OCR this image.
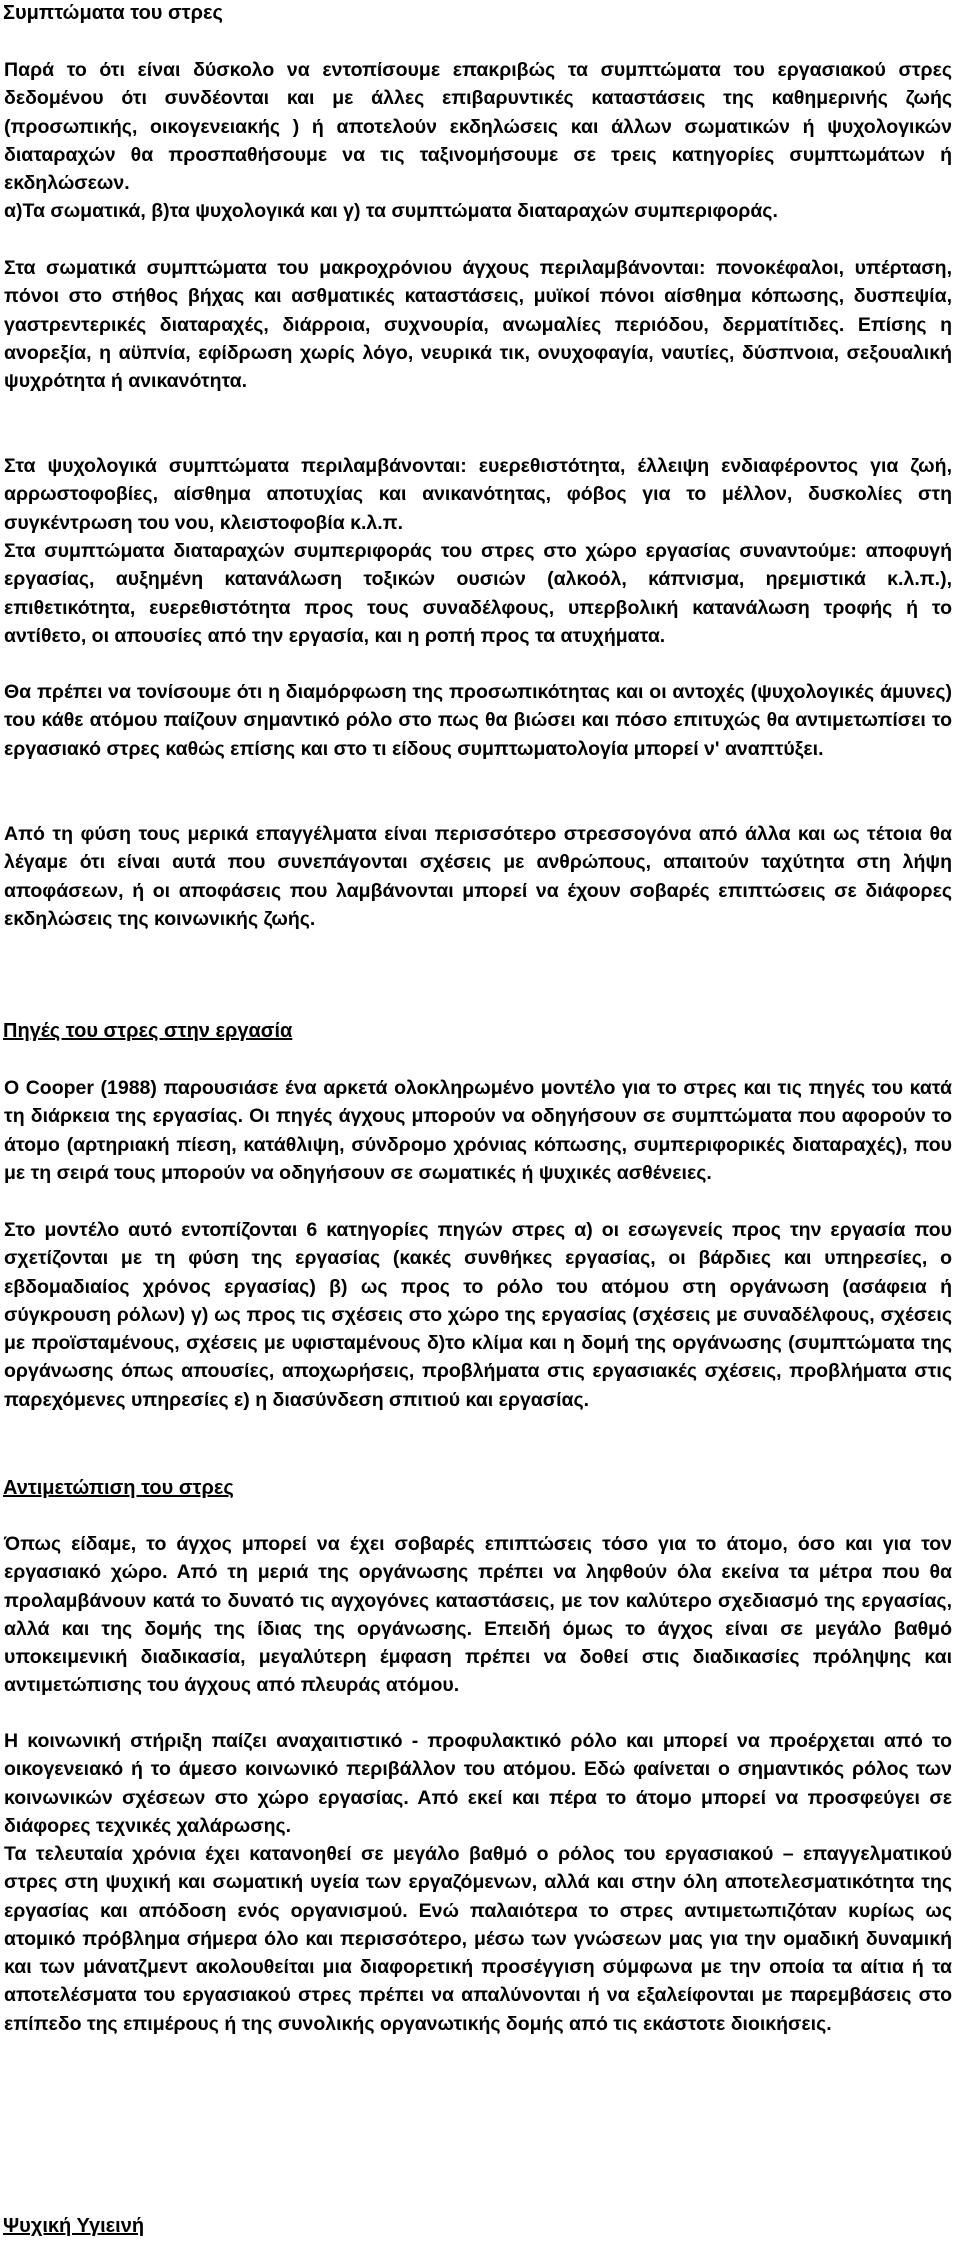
Συμπτώματα του στρες

Παρά το ότι είναι δύσκολο να εντοπίσουμε επακριβώς τα συμπτώματα του εργασιακού στρες δεδομένου ότι συνδέονται και με άλλες επιβαρυντικές καταστάσεις της καθημερινής ζωής (προσωπικής, οικογενειακής ) ή αποτελούν εκδηλώσεις και άλλων σωματικών ή ψυχολογικών διαταραχών θα προσπαθήσουμε να τις ταξινομήσουμε σε τρεις κατηγορίες συμπτωμάτων ή εκδηλώσεων.

α)Τα σωματικά, β)τα ψυχολογικά και γ) τα συμπτώματα διαταραχών συμπεριφοράς.

Στα σωματικά συμπτώματα του μακροχρόνιου άγχους περιλαμβάνονται: πονοκέφαλοι, υπέρταση, πόνοι στο στήθος βήχας και ασθματικές καταστάσεις, μυϊκοί πόνοι αίσθημα κόπωσης, δυσπεψία, γαστρεντερικές διαταραχές, διάρροια, συχνουρία, ανωμαλίες περιόδου, δερματίτιδες. Επίσης η ανορεξία, η αϋπνία, εφίδρωση χωρίς λόγο, νευρικά τικ, ονυχοφαγία, ναυτίες, δύσπνοια, σεξουαλική ψυχρότητα ή ανικανότητα.

Στα ψυχολογικά συμπτώματα περιλαμβάνονται: ευερεθιστότητα, έλλειψη ενδιαφέροντος για ζωή, αρρωστοφοβίες, αίσθημα αποτυχίας και ανικανότητας, φόβος για το μέλλον, δυσκολίες στη συγκέντρωση του νου, κλειστοφοβία κ.λ.π.

Στα συμπτώματα διαταραχών συμπεριφοράς του στρες στο χώρο εργασίας συναντούμε: αποφυγή εργασίας, αυξημένη κατανάλωση τοξικών ουσιών (αλκοόλ, κάπνισμα, ηρεμιστικά κ.λ.π.), επιθετικότητα, ευερεθιστότητα προς τους συναδέλφους, υπερβολική κατανάλωση τροφής ή το αντίθετο, οι απουσίες από την εργασία, και η ροπή προς τα ατυχήματα.

Θα πρέπει να τονίσουμε ότι η διαμόρφωση της προσωπικότητας και οι αντοχές (ψυχολογικές άμυνες) του κάθε ατόμου παίζουν σημαντικό ρόλο στο πως θα βιώσει και πόσο επιτυχώς θα αντιμετωπίσει το εργασιακό στρες καθώς επίσης και στο τι είδους συμπτωματολογία μπορεί ν' αναπτύξει.

Από τη φύση τους μερικά επαγγέλματα είναι περισσότερο στρεσσογόνα από άλλα και ως τέτοια θα λέγαμε ότι είναι αυτά που συνεπάγονται σχέσεις με ανθρώπους, απαιτούν ταχύτητα στη λήψη αποφάσεων, ή οι αποφάσεις που λαμβάνονται μπορεί να έχουν σοβαρές επιπτώσεις σε διάφορες εκδηλώσεις της κοινωνικής ζωής.

Πηγές του στρες στην εργασία

Ο Cooper (1988) παρουσιάσε ένα αρκετά ολοκληρωμένο μοντέλο για το στρες και τις πηγές του κατά τη διάρκεια της εργασίας. Οι πηγές άγχους μπορούν να οδηγήσουν σε συμπτώματα που αφορούν το άτομο (αρτηριακή πίεση, κατάθλιψη, σύνδρομο χρόνιας κόπωσης, συμπεριφορικές διαταραχές), που με τη σειρά τους μπορούν να οδηγήσουν σε σωματικές ή ψυχικές ασθένειες.

Στο μοντέλο αυτό εντοπίζονται 6 κατηγορίες πηγών στρες α) οι εσωγενείς προς την εργασία που σχετίζονται με τη φύση της εργασίας (κακές συνθήκες εργασίας, οι βάρδιες και υπηρεσίες, ο εβδομαδιαίος χρόνος εργασίας) β) ως προς το ρόλο του ατόμου στη οργάνωση (ασάφεια ή σύγκρουση ρόλων) γ) ως προς τις σχέσεις στο χώρο της εργασίας (σχέσεις με συναδέλφους, σχέσεις με προϊσταμένους, σχέσεις με υφισταμένους δ)το κλίμα και η δομή της οργάνωσης (συμπτώματα της οργάνωσης όπως απουσίες, αποχωρήσεις, προβλήματα στις εργασιακές σχέσεις, προβλήματα στις παρεχόμενες υπηρεσίες ε) η διασύνδεση σπιτιού και εργασίας.

Αντιμετώπιση του στρες

Όπως είδαμε, το άγχος μπορεί να έχει σοβαρές επιπτώσεις τόσο για το άτομο, όσο και για τον εργασιακό χώρο. Από τη μεριά της οργάνωσης πρέπει να ληφθούν όλα εκείνα τα μέτρα που θα προλαμβάνουν κατά το δυνατό τις αγχογόνες καταστάσεις, με τον καλύτερο σχεδιασμό της εργασίας, αλλά και της δομής της ίδιας της οργάνωσης. Επειδή όμως το άγχος είναι σε μεγάλο βαθμό υποκειμενική διαδικασία, μεγαλύτερη έμφαση πρέπει να δοθεί στις διαδικασίες πρόληψης και αντιμετώπισης του άγχους από πλευράς ατόμου.

Η κοινωνική στήριξη παίζει αναχαιτιστικό - προφυλακτικό ρόλο και μπορεί να προέρχεται από το οικογενειακό ή το άμεσο κοινωνικό περιβάλλον του ατόμου. Εδώ φαίνεται ο σημαντικός ρόλος των κοινωνικών σχέσεων στο χώρο εργασίας. Από εκεί και πέρα το άτομο μπορεί να προσφεύγει σε διάφορες τεχνικές χαλάρωσης.

Τα τελευταία χρόνια έχει κατανοηθεί σε μεγάλο βαθμό ο ρόλος του εργασιακού – επαγγελματικού στρες στη ψυχική και σωματική υγεία των εργαζόμενων, αλλά και στην όλη αποτελεσματικότητα της εργασίας και απόδοση ενός οργανισμού. Ενώ παλαιότερα το στρες αντιμετωπιζόταν κυρίως ως ατομικό πρόβλημα σήμερα όλο και περισσότερο, μέσω των γνώσεων μας για την ομαδική δυναμική και των μάνατζμεντ ακολουθείται μια διαφορετική προσέγγιση σύμφωνα με την οποία τα αίτια ή τα αποτελέσματα του εργασιακού στρες πρέπει να απαλύνονται ή να εξαλείφονται με παρεμβάσεις στο επίπεδο της επιμέρους ή της συνολικής οργανωτικής δομής από τις εκάστοτε διοικήσεις.

Ψυχική Υγιεινή
